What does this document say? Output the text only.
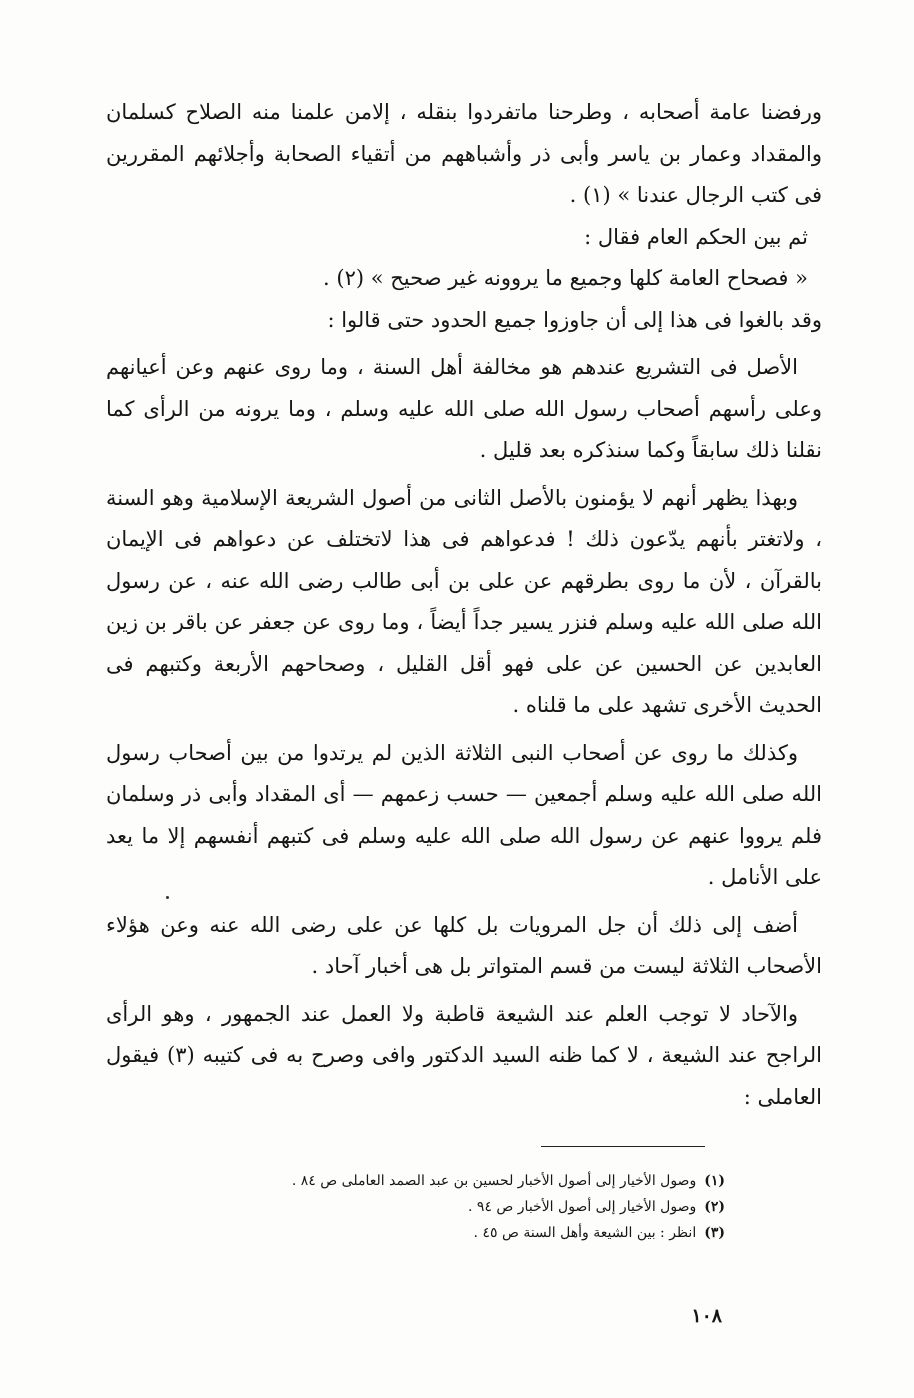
ورفضنا عامة أصحابه ، وطرحنا ماتفردوا بنقله ، إلامن علمنا منه الصلاح كسلمان والمقداد وعمار بن ياسر وأبى ذر وأشباههم من أتقياء الصحابة وأجلائهم المقررين فى كتب الرجال عندنا » (١) .

ثم بين الحكم العام فقال :

« فصحاح العامة كلها وجميع ما يروونه غير صحيح » (٢) .

وقد بالغوا فى هذا إلى أن جاوزوا جميع الحدود حتى قالوا :

الأصل فى التشريع عندهم هو مخالفة أهل السنة ، وما روى عنهم وعن أعيانهم وعلى رأسهم أصحاب رسول الله صلى الله عليه وسلم ، وما يرونه من الرأى كما نقلنا ذلك سابقاً وكما سنذكره بعد قليل .

وبهذا يظهر أنهم لا يؤمنون بالأصل الثانى من أصول الشريعة الإسلامية وهو السنة ، ولاتغتر بأنهم يدّعون ذلك ! فدعواهم فى هذا لاتختلف عن دعواهم فى الإيمان بالقرآن ، لأن ما روى بطرقهم عن على بن أبى طالب رضى الله عنه ، عن رسول الله صلى الله عليه وسلم فنزر يسير جداً أيضاً ، وما روى عن جعفر عن باقر بن زين العابدين عن الحسين عن على فهو أقل القليل ، وصحاحهم الأربعة وكتبهم فى الحديث الأخرى تشهد على ما قلناه .

وكذلك ما روى عن أصحاب النبى الثلاثة الذين لم يرتدوا من بين أصحاب رسول الله صلى الله عليه وسلم أجمعين — حسب زعمهم — أى المقداد وأبى ذر وسلمان فلم يرووا عنهم عن رسول الله صلى الله عليه وسلم فى كتبهم أنفسهم إلا ما يعد على الأنامل .

أضف إلى ذلك أن جل المرويات بل كلها عن على رضى الله عنه وعن هؤلاء الأصحاب الثلاثة ليست من قسم المتواتر بل هى أخبار آحاد .

والآحاد لا توجب العلم عند الشيعة قاطبة ولا العمل عند الجمهور ، وهو الرأى الراجح عند الشيعة ، لا كما ظنه السيد الدكتور وافى وصرح به فى كتيبه (٣) فيقول العاملى :

(١)وصول الأخيار إلى أصول الأخبار لحسين بن عبد الصمد العاملى ص ٨٤ .

(٢)وصول الأخيار إلى أصول الأخبار ص ٩٤ .

(٣)انظر : بين الشيعة وأهل السنة ص ٤٥ .

١٠٨
